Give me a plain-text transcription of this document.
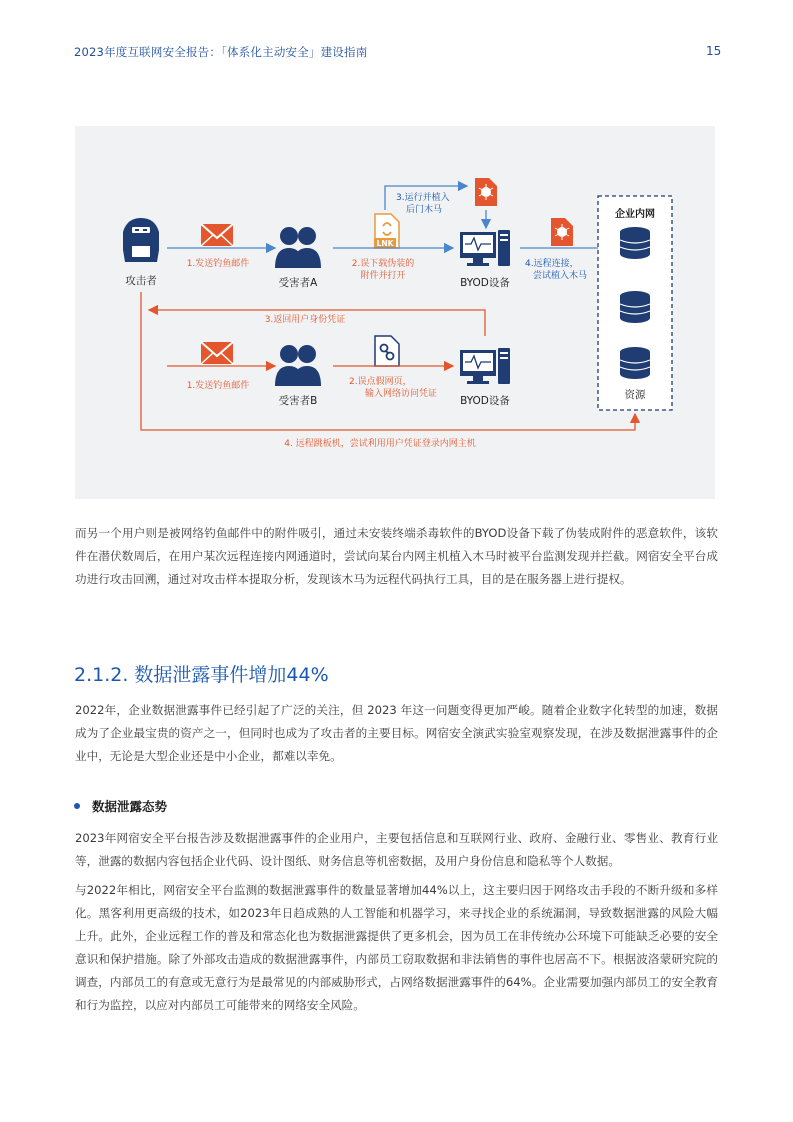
2023年度互联网安全报告：「体系化主动安全」建设指南	15
攻击者
1.发送钓鱼邮件
受害者A
LNK
2.误下载伪装的
附件并打开
3.运行并植入
后门木马
BYOD设备
4.远程连接，
尝试植入木马
企业内网
资源
3.返回用户身份凭证
1.发送钓鱼邮件
受害者B
2.误点假网页，
输入网络访问凭证
BYOD设备
4. 远程跳板机，尝试利用用户凭证登录内网主机

而另一个用户则是被网络钓鱼邮件中的附件吸引，通过未安装终端杀毒软件的BYOD设备下载了伪装成附件的恶意软件，该软件在潜伏数周后，在用户某次远程连接内网通道时，尝试向某台内网主机植入木马时被平台监测发现并拦截。网宿安全平台成功进行攻击回溯，通过对攻击样本提取分析，发现该木马为远程代码执行工具，目的是在服务器上进行提权。

2.1.2. 数据泄露事件增加44%

2022年，企业数据泄露事件已经引起了广泛的关注，但 2023 年这一问题变得更加严峻。随着企业数字化转型的加速，数据成为了企业最宝贵的资产之一，但同时也成为了攻击者的主要目标。网宿安全演武实验室观察发现，在涉及数据泄露事件的企业中，无论是大型企业还是中小企业，都难以幸免。

数据泄露态势

2023年网宿安全平台报告涉及数据泄露事件的企业用户，主要包括信息和互联网行业、政府、金融行业、零售业、教育行业等，泄露的数据内容包括企业代码、设计图纸、财务信息等机密数据，及用户身份信息和隐私等个人数据。

与2022年相比，网宿安全平台监测的数据泄露事件的数量显著增加44%以上，这主要归因于网络攻击手段的不断升级和多样化。黑客利用更高级的技术，如2023年日趋成熟的人工智能和机器学习，来寻找企业的系统漏洞，导致数据泄露的风险大幅上升。此外，企业远程工作的普及和常态化也为数据泄露提供了更多机会，因为员工在非传统办公环境下可能缺乏必要的安全意识和保护措施。除了外部攻击造成的数据泄露事件，内部员工窃取数据和非法销售的事件也居高不下。根据波洛蒙研究院的调查，内部员工的有意或无意行为是最常见的内部威胁形式，占网络数据泄露事件的64%。企业需要加强内部员工的安全教育和行为监控，以应对内部员工可能带来的网络安全风险。
